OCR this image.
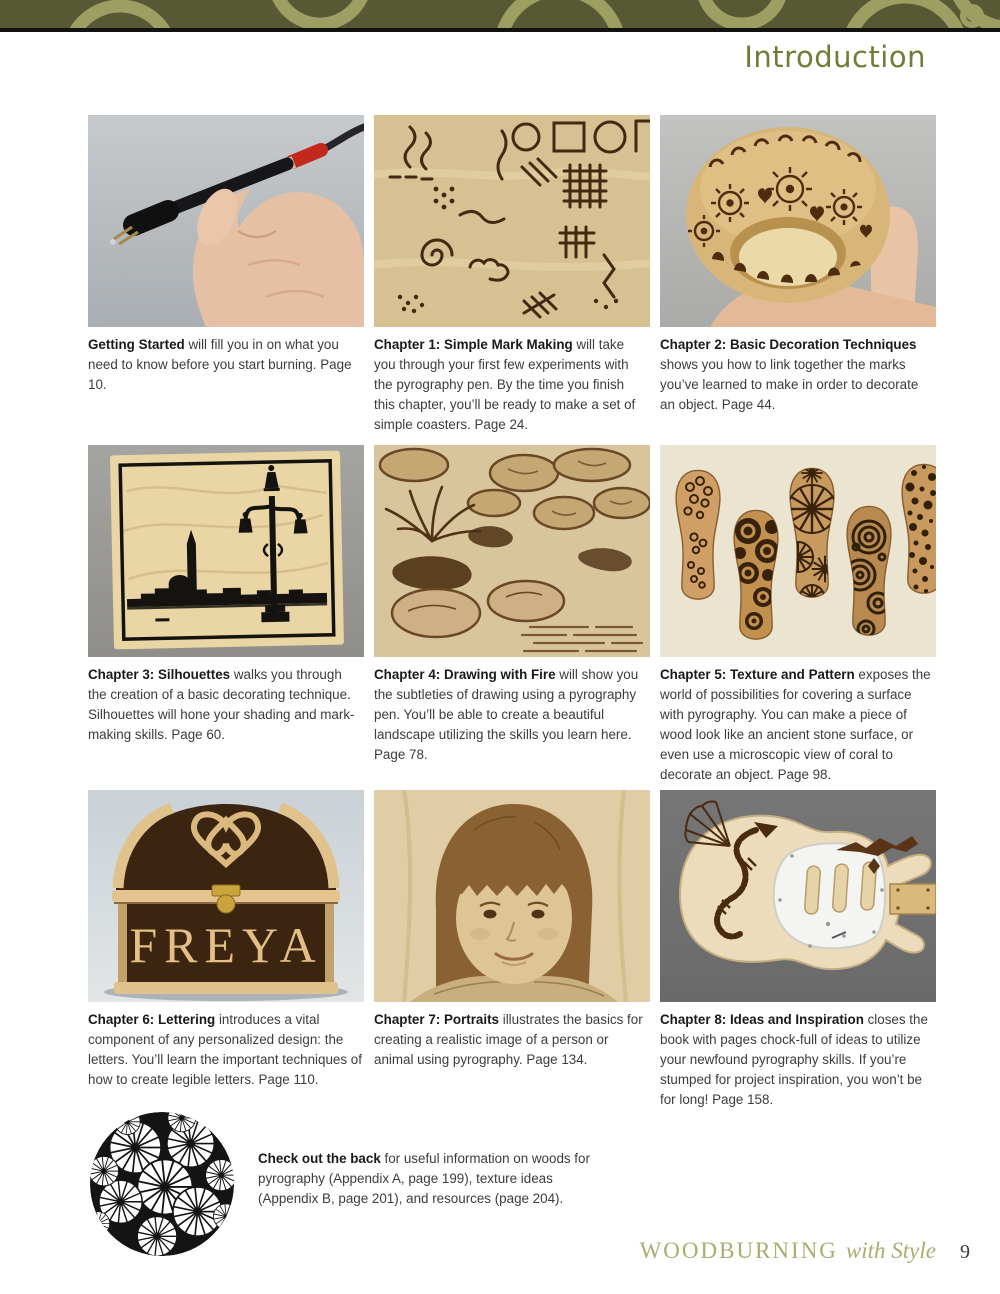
Introduction

Getting Started will fill you in on what you need to know before you start burning. Page 10.

Chapter 1: Simple Mark Making will take you through your first few experiments with the pyrography pen. By the time you finish this chapter, you’ll be ready to make a set of simple coasters. Page 24.

Chapter 2: Basic Decoration Techniques shows you how to link together the marks you’ve learned to make in order to decorate an object. Page 44.

Chapter 3: Silhouettes walks you through the creation of a basic decorating technique. Silhouettes will hone your shading and mark-making skills. Page 60.

Chapter 4: Drawing with Fire will show you the subtleties of drawing using a pyrography pen. You’ll be able to create a beautiful landscape utilizing the skills you learn here. Page 78.

Chapter 5: Texture and Pattern exposes the world of possibilities for covering a surface with pyrography. You can make a piece of wood look like an ancient stone surface, or even use a microscopic view of coral to decorate an object. Page 98.

FREYA

Chapter 6: Lettering introduces a vital component of any personalized design: the letters. You’ll learn the important techniques of how to create legible letters. Page 110.

Chapter 7: Portraits illustrates the basics for creating a realistic image of a person or animal using pyrography. Page 134.

Chapter 8: Ideas and Inspiration closes the book with pages chock-full of ideas to utilize your newfound pyrography skills. If you’re stumped for project inspiration, you won’t be for long! Page 158.

Check out the back for useful information on woods for pyrography (Appendix A, page 199), texture ideas (Appendix B, page 201), and resources (page 204).

WOODBURNING with Style 9
